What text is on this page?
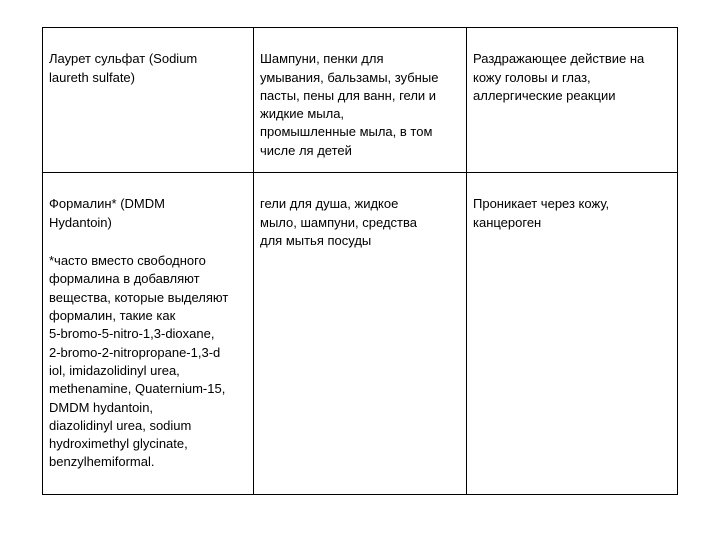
Лаурет сульфат (Sodium
laureth sulfate)

Шампуни, пенки для
умывания, бальзамы, зубные
пасты, пены для ванн, гели и
жидкие мыла,
промышленные мыла, в том
числе ля детей

Раздражающее действие на
кожу головы и глаз,
аллергические реакции

Формалин* (DMDM
Hydantoin)

*часто вместо свободного
формалина в добавляют
вещества, которые выделяют
формалин, такие как
5-bromo-5-nitro-1,3-dioxane,
2-bromo-2-nitropropane-1,3-d
iol, imidazolidinyl urea,
methenamine, Quaternium-15,
DMDM hydantoin,
diazolidinyl urea, sodium
hydroximethyl glycinate,
benzylhemiformal.

гели для душа, жидкое
мыло, шампуни, средства
для мытья посуды

Проникает через кожу,
канцероген
